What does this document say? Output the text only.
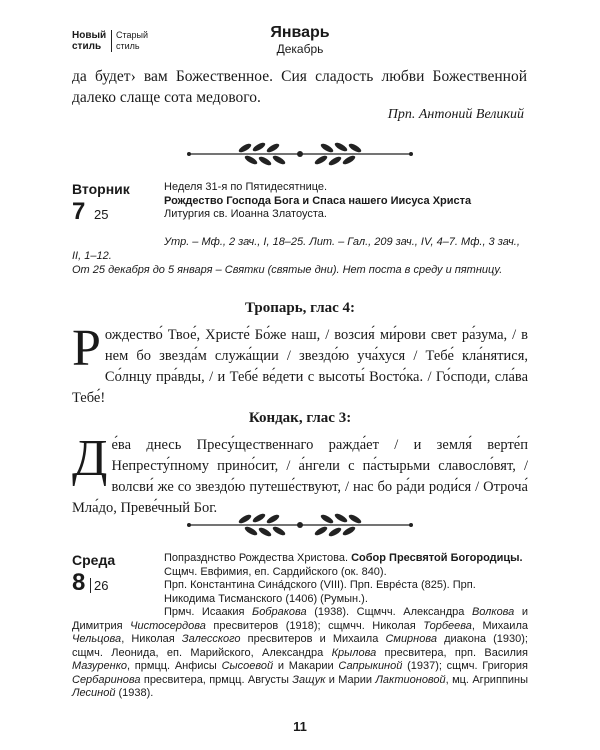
Новый стиль
Старый стиль
Январь
Декабрь
да будет› вам Божественное. Сия сладость любви Божественной далеко слаще сота медового.
Прп. Антоний Великий
Вторник
7 25
Неделя 31-я по Пятидесятнице.
Рождество Господа Бога и Спаса нашего Иисуса Христа
Литургия св. Иоанна Златоуста.
Утр. – Мф., 2 зач., I, 18–25. Лит. – Гал., 209 зач., IV, 4–7. Мф., 3 зач., II, 1–12.
От 25 декабря до 5 января – Святки (святые дни). Нет поста в среду и пятницу.
Тропарь, глас 4:
Рождество́ Твое́, Христе́ Бо́же наш, / возсия́ ми́рови свет ра́зума, / в нем бо звезда́м служа́щии / звездо́ю уча́хуся / Тебе́ кла́нятися, Со́лнцу пра́вды, / и Тебе́ ве́дети с высоты́ Восто́ка. / Го́споди, сла́ва Тебе́!
Кондак, глас 3:
Де́ва днесь Пресу́щественнаго ражда́ет / и земля́ верте́п Непресту́пному прино́сит, / а́нгели с па́стырьми славосло́вят, / волсви́ же со звездо́ю путеше́ствуют, / нас бо ра́ди роди́ся / Отроча́ Мла́до, Преве́чный Бог.
Среда
8 26
Попразднство Рождества Христова. Собор Пресвятой Богородицы. Сщмч. Евфимия, еп. Сардийского (ок. 840).
Прп. Константина Сина́дского (VIII). Прп. Евре́ста (825). Прп. Никодима Тисманского (1406) (Румын.).
Прмч. Исаакия Бобракова (1938). Сщмчч. Александра Волкова и Димитрия Чистосердова пресвитеров (1918); сщмчч. Николая Торбеева, Михаила Чельцова, Николая Залесского пресвитеров и Михаила Смирнова диакона (1930); сщмч. Леонида, еп. Марийского, Александра Крылова пресвитера, прп. Василия Мазуренко, прмцц. Анфисы Сысоевой и Макарии Сапрыкиной (1937); сщмч. Григория Сербаринова пресвитера, прмцц. Августы Защук и Марии Лактионовой, мц. Агриппины Лесиной (1938).
11
